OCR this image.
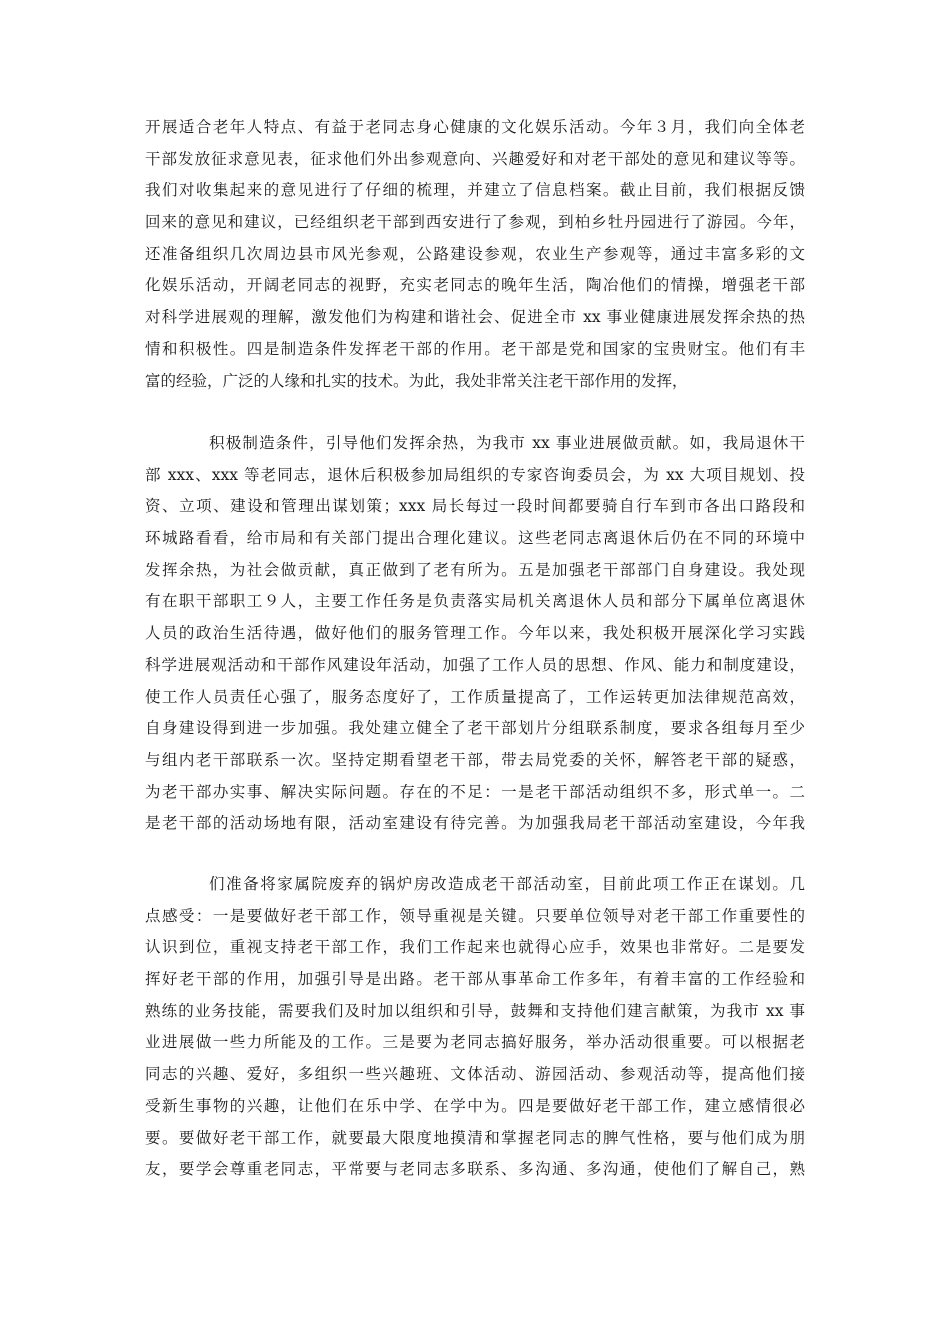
开展适合老年人特点、有益于老同志身心健康的文化娱乐活动。今年３月，我们向全体老
干部发放征求意见表，征求他们外出参观意向、兴趣爱好和对老干部处的意见和建议等等。
我们对收集起来的意见进行了仔细的梳理，并建立了信息档案。截止目前，我们根据反馈
回来的意见和建议，已经组织老干部到西安进行了参观，到柏乡牡丹园进行了游园。今年，
还准备组织几次周边县市风光参观，公路建设参观，农业生产参观等，通过丰富多彩的文
化娱乐活动，开阔老同志的视野，充实老同志的晚年生活，陶冶他们的情操，增强老干部
对科学进展观的理解，激发他们为构建和谐社会、促进全市 xx 事业健康进展发挥余热的热
情和积极性。四是制造条件发挥老干部的作用。老干部是党和国家的宝贵财宝。他们有丰
富的经验，广泛的人缘和扎实的技术。为此，我处非常关注老干部作用的发挥，

积极制造条件，引导他们发挥余热，为我市 xx 事业进展做贡献。如，我局退休干
部 xxx、xxx 等老同志，退休后积极参加局组织的专家咨询委员会，为 xx 大项目规划、投
资、立项、建设和管理出谋划策；xxx 局长每过一段时间都要骑自行车到市各出口路段和
环城路看看，给市局和有关部门提出合理化建议。这些老同志离退休后仍在不同的环境中
发挥余热，为社会做贡献，真正做到了老有所为。五是加强老干部部门自身建设。我处现
有在职干部职工９人，主要工作任务是负责落实局机关离退休人员和部分下属单位离退休
人员的政治生活待遇，做好他们的服务管理工作。今年以来，我处积极开展深化学习实践
科学进展观活动和干部作风建设年活动，加强了工作人员的思想、作风、能力和制度建设，
使工作人员责任心强了，服务态度好了，工作质量提高了，工作运转更加法律规范高效，
自身建设得到进一步加强。我处建立健全了老干部划片分组联系制度，要求各组每月至少
与组内老干部联系一次。坚持定期看望老干部，带去局党委的关怀，解答老干部的疑惑，
为老干部办实事、解决实际问题。存在的不足：一是老干部活动组织不多，形式单一。二
是老干部的活动场地有限，活动室建设有待完善。为加强我局老干部活动室建设，今年我

们准备将家属院废弃的锅炉房改造成老干部活动室，目前此项工作正在谋划。几
点感受：一是要做好老干部工作，领导重视是关键。只要单位领导对老干部工作重要性的
认识到位，重视支持老干部工作，我们工作起来也就得心应手，效果也非常好。二是要发
挥好老干部的作用，加强引导是出路。老干部从事革命工作多年，有着丰富的工作经验和
熟练的业务技能，需要我们及时加以组织和引导，鼓舞和支持他们建言献策，为我市 xx 事
业进展做一些力所能及的工作。三是要为老同志搞好服务，举办活动很重要。可以根据老
同志的兴趣、爱好，多组织一些兴趣班、文体活动、游园活动、参观活动等，提高他们接
受新生事物的兴趣，让他们在乐中学、在学中为。四是要做好老干部工作，建立感情很必
要。要做好老干部工作，就要最大限度地摸清和掌握老同志的脾气性格，要与他们成为朋
友，要学会尊重老同志，平常要与老同志多联系、多沟通、多沟通，使他们了解自己，熟
